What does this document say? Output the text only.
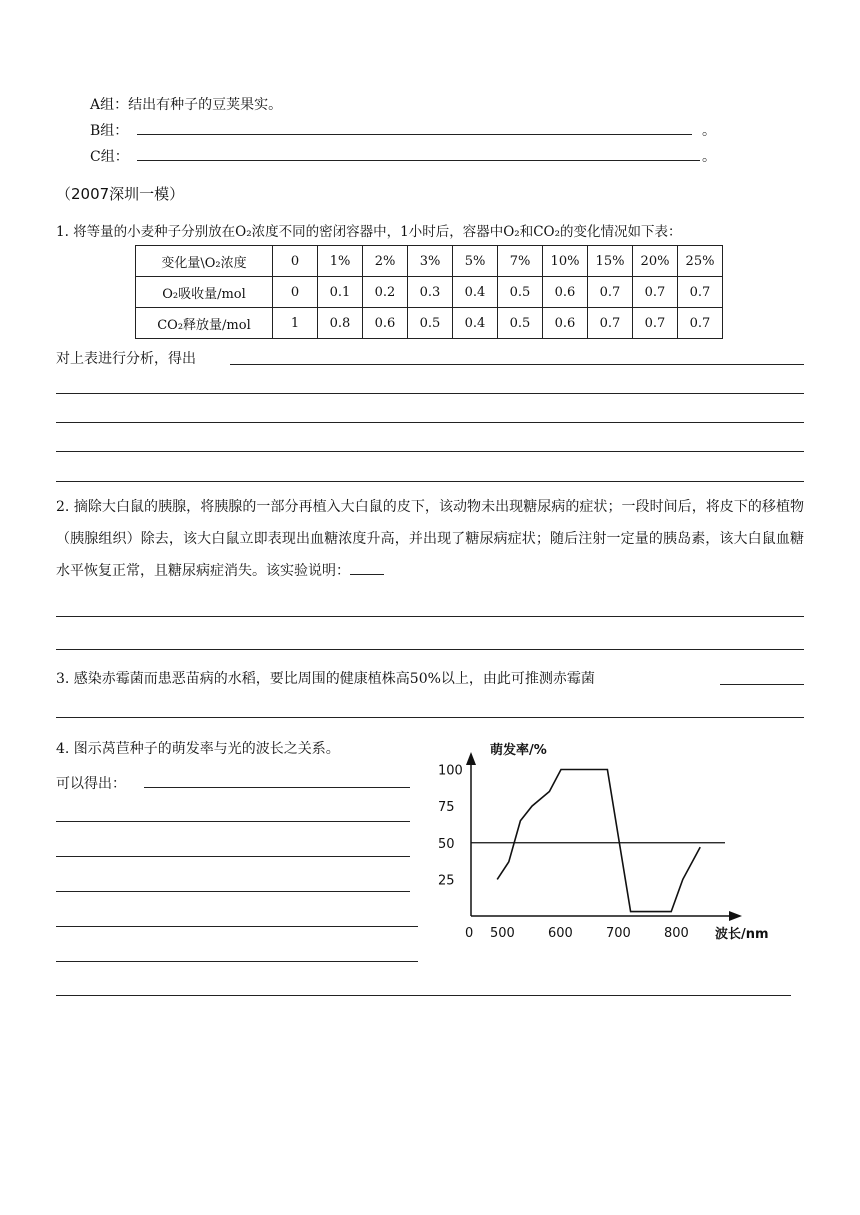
A组：结出有种子的豆荚果实。
B组：	。
C组：	。
（2007深圳一模）
1. 将等量的小麦种子分别放在O₂浓度不同的密闭容器中，1小时后，容器中O₂和CO₂的变化情况如下表：
变化量\O₂浓度	0	1%	2%	3%	5%	7%	10%	15%	20%	25%
O₂吸收量/mol	0	0.1	0.2	0.3	0.4	0.5	0.6	0.7	0.7	0.7
CO₂释放量/mol	1	0.8	0.6	0.5	0.4	0.5	0.6	0.7	0.7	0.7
对上表进行分析，得出
2. 摘除大白鼠的胰腺，将胰腺的一部分再植入大白鼠的皮下，该动物未出现糖尿病的症状；一段时间后，将皮下的移植物（胰腺组织）除去，该大白鼠立即表现出血糖浓度升高，并出现了糖尿病症状；随后注射一定量的胰岛素，该大白鼠血糖水平恢复正常，且糖尿病症消失。该实验说明：
3. 感染赤霉菌而患恶苗病的水稻，要比周围的健康植株高50%以上，由此可推测赤霉菌
4. 图示莴苣种子的萌发率与光的波长之关系。
可以得出：
100
75
50
25
0 500	600	700	800
萌发率/%
波长/nm
